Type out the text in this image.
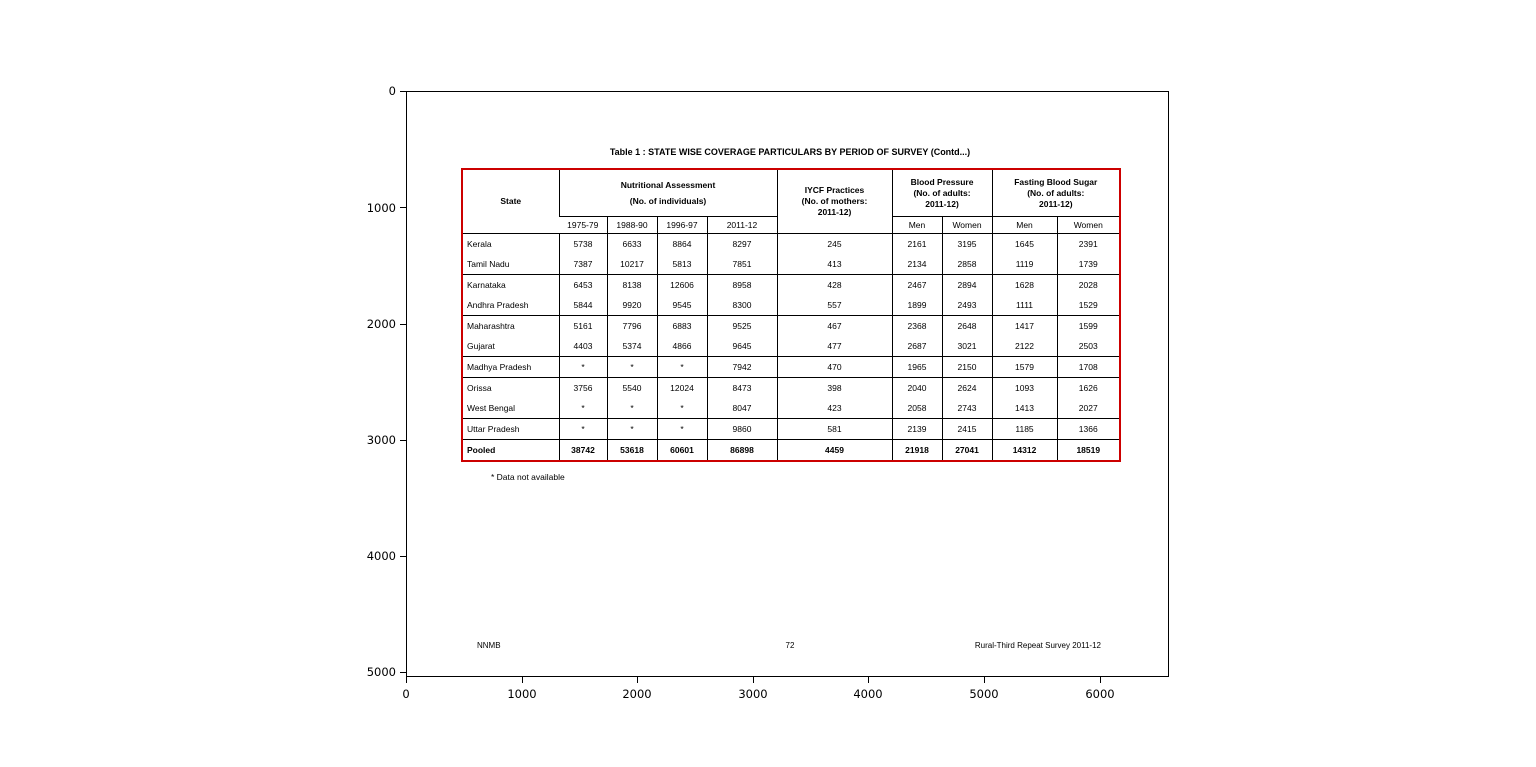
0
1000
2000
3000
4000
5000
0	1000	2000	3000	4000	5000	6000
Table 1 : STATE WISE COVERAGE PARTICULARS BY PERIOD OF SURVEY (Contd...)
State	
Nutritional Assessment
(No. of individuals)

IYCF Practices
(No. of mothers:
2011-12)

Blood Pressure
(No. of adults:
2011-12)

Fasting Blood Sugar
(No. of adults:
2011-12)

	1975-79	1988-90	1996-97	2011-12		Men	Women	Men	Women
Kerala	5738	6633	8864	8297	245	2161	3195	1645	2391
Tamil Nadu	7387	10217	5813	7851	413	2134	2858	1119	1739
Karnataka	6453	8138	12606	8958	428	2467	2894	1628	2028
Andhra Pradesh	5844	9920	9545	8300	557	1899	2493	1111	1529
Maharashtra	5161	7796	6883	9525	467	2368	2648	1417	1599
Gujarat	4403	5374	4866	9645	477	2687	3021	2122	2503
Madhya Pradesh	*	*	*	7942	470	1965	2150	1579	1708
Orissa	3756	5540	12024	8473	398	2040	2624	1093	1626
West Bengal	*	*	*	8047	423	2058	2743	1413	2027
Uttar Pradesh	*	*	*	9860	581	2139	2415	1185	1366
Pooled	38742	53618	60601	86898	4459	21918	27041	14312	18519
* Data not available
NNMB	72	Rural-Third Repeat Survey 2011-12
